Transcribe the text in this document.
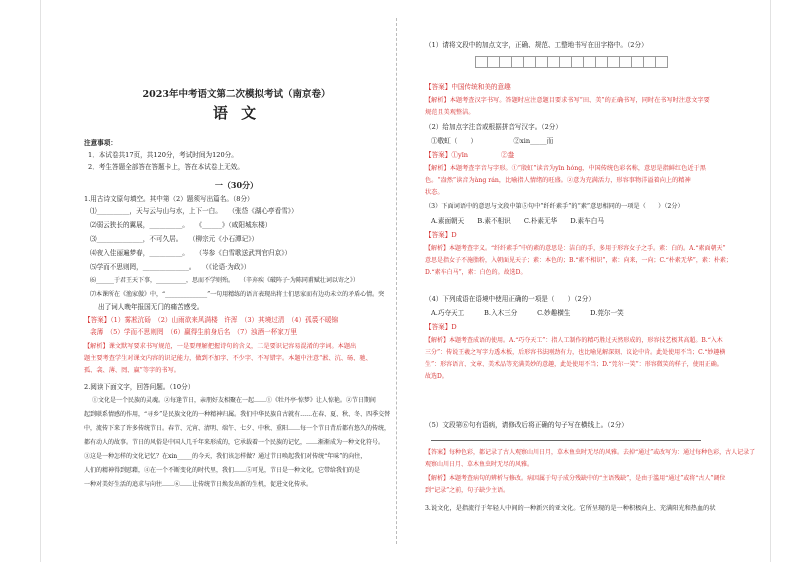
2023年中考语文第二次模拟考试（南京卷）
语 文
注意事项：
1．本试卷共17页，共120分，考试时间为120分。
2．考生答题全部答在答题卡上，答在本试卷上无效。
一（30分）
1.用古诗文原句填空。其中第（2）题须写出篇名。（8分）
⑴__________，天与云与山与水，上下一白。　　（张岱《湖心亭看雪》）
⑵弱云狭长的翼展，__________。　　《______》（咸阳城东楼）
⑶______________，不可久居。　　（柳宗元《小石潭记》）
⑷夜入佳丽遍梦春，__________。　　（岑参《白雪歌送武判官归京》）
⑸学而不思则罔，______________。　　（《论语·为政》）
⑹______于君王天下事，__________，思而不学则殆。　　（辛弃疾《破阵子·为陈同甫赋壮词以寄之》）
⑺本课所在《渔家傲》中，“______________”一句用精练的语言表现出将士们思家而有边功未立的矛盾心情。突
出了词人晚年报国无门的痛苦感受。
【答案】（1）雾凇沆砀　（2）山雨欲来风满楼　许浑　（3）其境过清　（4）孤裘不暖锦
衾薄　（5）学而不思则罔　（6）赢得生前身后名　（7）浊酒一杯家万里
【解析】课文默写要求书写规范，一是要理解把握诗句的含义，二是要识记容易混淆的字词。本题出
题主要考查学生对课文内容的识记能力，做到不加字、不少字、不写错字。本题中注意“淞、沆、砀、驰、
孤、衾、薄、罔、赢”等字的书写。
2.阅读下面文字，回答问题。（10分）
①文化是一个民族的灵魂。②每逢节日，亲朋好友相聚在一起……①《牡丹亭·惊梦》让人惊艳。②节日期间
起到联系情感的作用，“寻乡”是民族文化的一种精神归属。我们中华民族自古就有……在春、夏、秋、冬、四季交替
中，流传下来了许多传统节日。春节、元宵、清明、端午、七夕、中秋、重阳……每一个节日背后都有悠久的传统，
都有动人的故事。节日的风俗是中国人几千年来形成的，它承载着一个民族的记忆，……渐渐成为一种文化符号。
③这是一种怎样的文化记忆？在xin_____的今天，我们该怎样做？通过节日唤起我们对传统“年味”的向往，
人们的精神得到慰藉，④在一个不断变化的时代里，我们……⑤可见，节日是一种文化，它带给我们的是
一种对美好生活的追求与向往……⑥……让传统节日焕发出新的生机，促进文化传承。
（1）请将文段中的加点文字，正确、规范、工整地书写在田字格中。（2分）
【答案】中国传统和美的意趣
【解析】本题考查汉字书写。答题时应注意题目要求书写“田、美”的正确书写，同时在书写时注意文字要
规范且美观整洁。
（2）给加点字注音或根据拼音写汉字。（2分）
①敬虹（　　）　　　　　　②xin_____而
【答案】①yīn　　　　　②盎
【解析】本题考查字音与字形。①“殷虹”读音为yīn hóng，中国传统色彩名称，意思是指鲜红色近于黑
色。“盎然”读音为àng rán，比喻指人情绪的旺盛。②意为充满活力，形容事物洋溢着向上的精神
状态。
（3）下面词语中的意思与文段中第⑤句中“纤纤素手”的“素”意思相同的一项是（　　）（2分）
A.素面朝天　　B.素不相识　　C.朴素无华　　D.素车白马
【答案】D
【解析】本题考查字义。“纤纤素手”中的素的意思是：洁白的手，多用于形容女子之手。素：白的。A.“素面朝天”
意思是指女子不施脂粉，入朝面见天子；素：本色的；B.“素不相识”，素：向来，一向；C.“朴素无华”，素：朴素；
D.“素车白马”，素：白色的。故选D。
（4）下列成语在语境中使用正确的一项是（　　）（2分）
A.巧夺天工　　　B.入木三分　　　C.妙趣横生　　　D.莞尔一笑
【答案】D
【解析】本题考查成语的使用。A.“巧夺天工”：指人工制作的精巧胜过天然形成的，形容技艺极其高超。B.“入木
三分”：传说王羲之写字力透木板，后形容书法刚劲有力，也比喻见解深刻、议论中肯。此处使用不当；C.“妙趣横
生”：形容语言、文章、美术品等充满美妙的意趣，此处使用不当；D.“莞尔一笑”：形容微笑的样子，使用正确。
故选D。
（5）文段第⑥句有语病，请修改后将正确的句子写在横线上。（2分）
【答案】每种色彩，都记录了古人观察山川日月，草木鱼虫时无尽的风雅。去掉“通过”或改写为：通过每种色彩，古人记录了
观察山川日月、草木鱼虫时无尽的风雅。
【解析】本题考查病句的辨析与修改。病因属于句子成分残缺中的“主语残缺”，是由于滥用“通过”或将“古人”调位
到“记录”之前，句子缺少主语。
3.说文化，是指流行于年轻人中间的一种新兴的亚文化。它所呈现的是一种积极向上、充满阳光和热血的状
